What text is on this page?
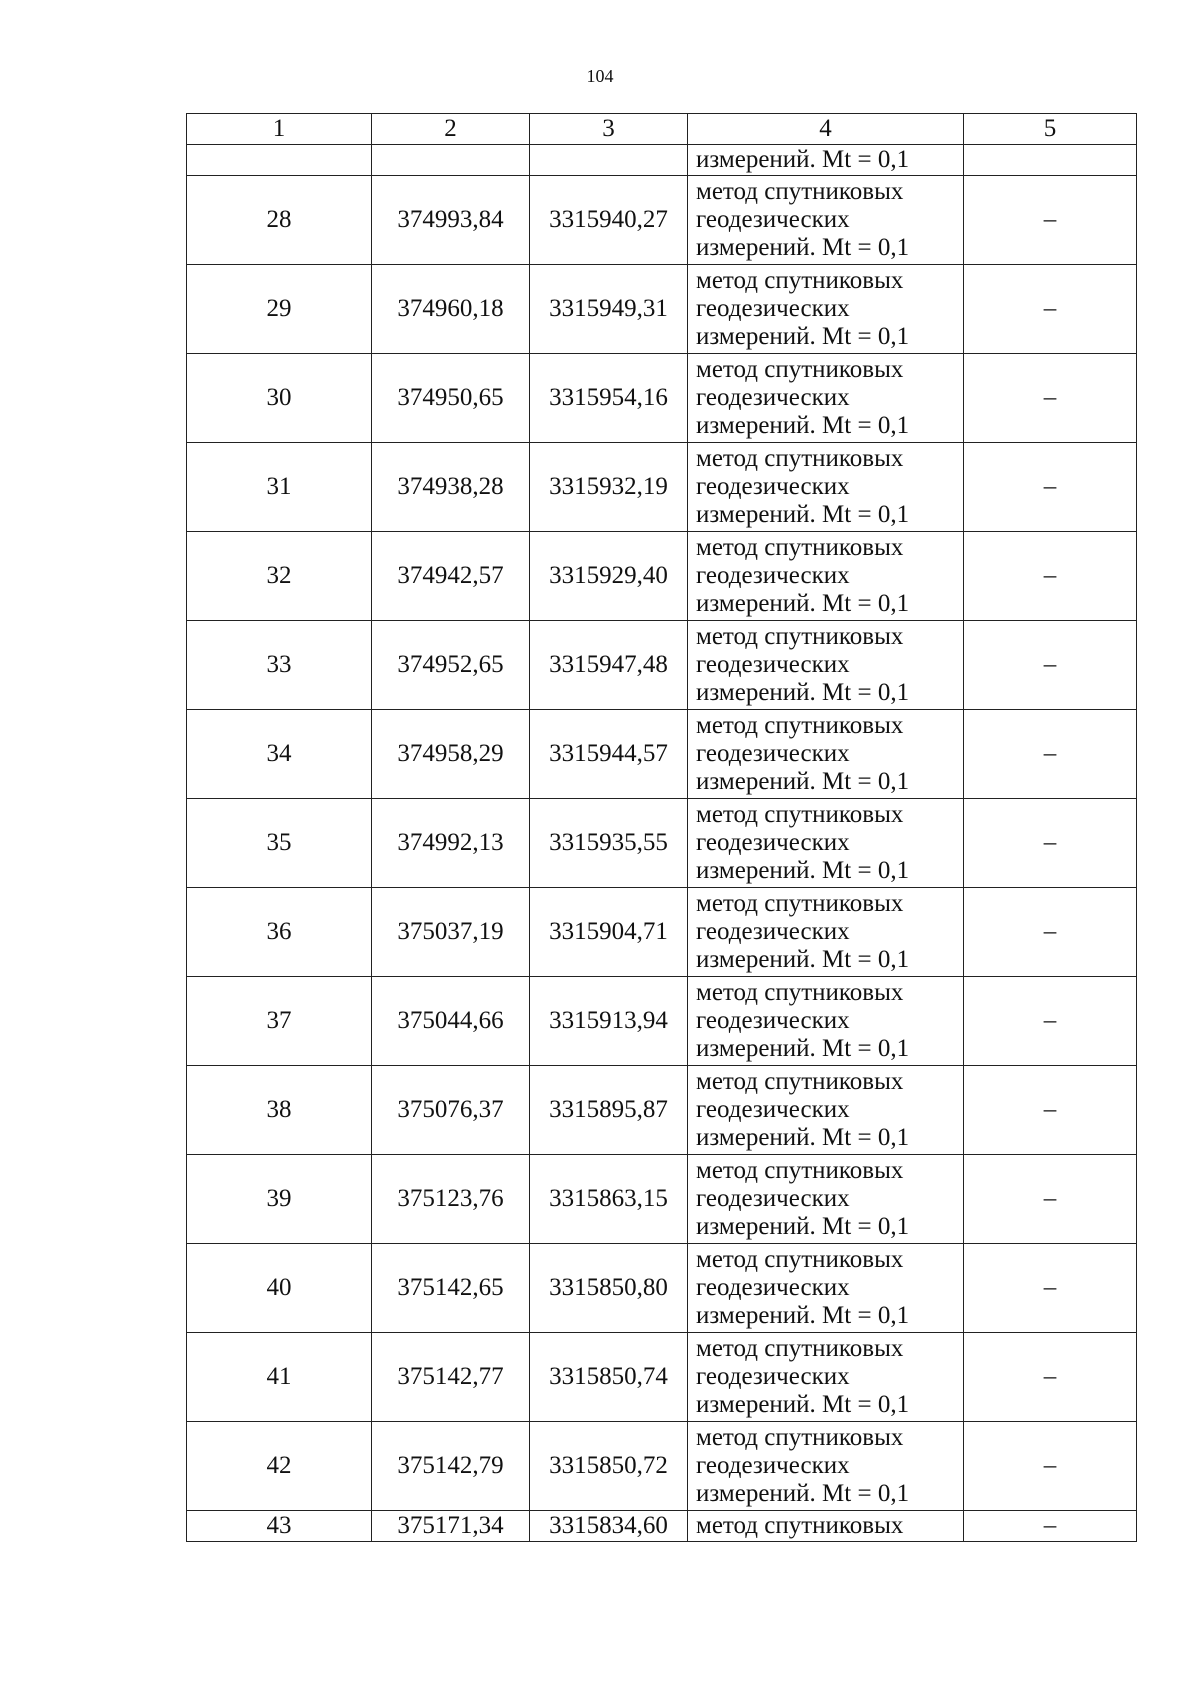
104
1	2	3	4	5
			измерений. Mt = 0,1	
28	374993,84	3315940,27	метод спутниковых
геодезических
измерений. Mt = 0,1	–
29	374960,18	3315949,31	метод спутниковых
геодезических
измерений. Mt = 0,1	–
30	374950,65	3315954,16	метод спутниковых
геодезических
измерений. Mt = 0,1	–
31	374938,28	3315932,19	метод спутниковых
геодезических
измерений. Mt = 0,1	–
32	374942,57	3315929,40	метод спутниковых
геодезических
измерений. Mt = 0,1	–
33	374952,65	3315947,48	метод спутниковых
геодезических
измерений. Mt = 0,1	–
34	374958,29	3315944,57	метод спутниковых
геодезических
измерений. Mt = 0,1	–
35	374992,13	3315935,55	метод спутниковых
геодезических
измерений. Mt = 0,1	–
36	375037,19	3315904,71	метод спутниковых
геодезических
измерений. Mt = 0,1	–
37	375044,66	3315913,94	метод спутниковых
геодезических
измерений. Mt = 0,1	–
38	375076,37	3315895,87	метод спутниковых
геодезических
измерений. Mt = 0,1	–
39	375123,76	3315863,15	метод спутниковых
геодезических
измерений. Mt = 0,1	–
40	375142,65	3315850,80	метод спутниковых
геодезических
измерений. Mt = 0,1	–
41	375142,77	3315850,74	метод спутниковых
геодезических
измерений. Mt = 0,1	–
42	375142,79	3315850,72	метод спутниковых
геодезических
измерений. Mt = 0,1	–
43	375171,34	3315834,60	метод спутниковых	–
